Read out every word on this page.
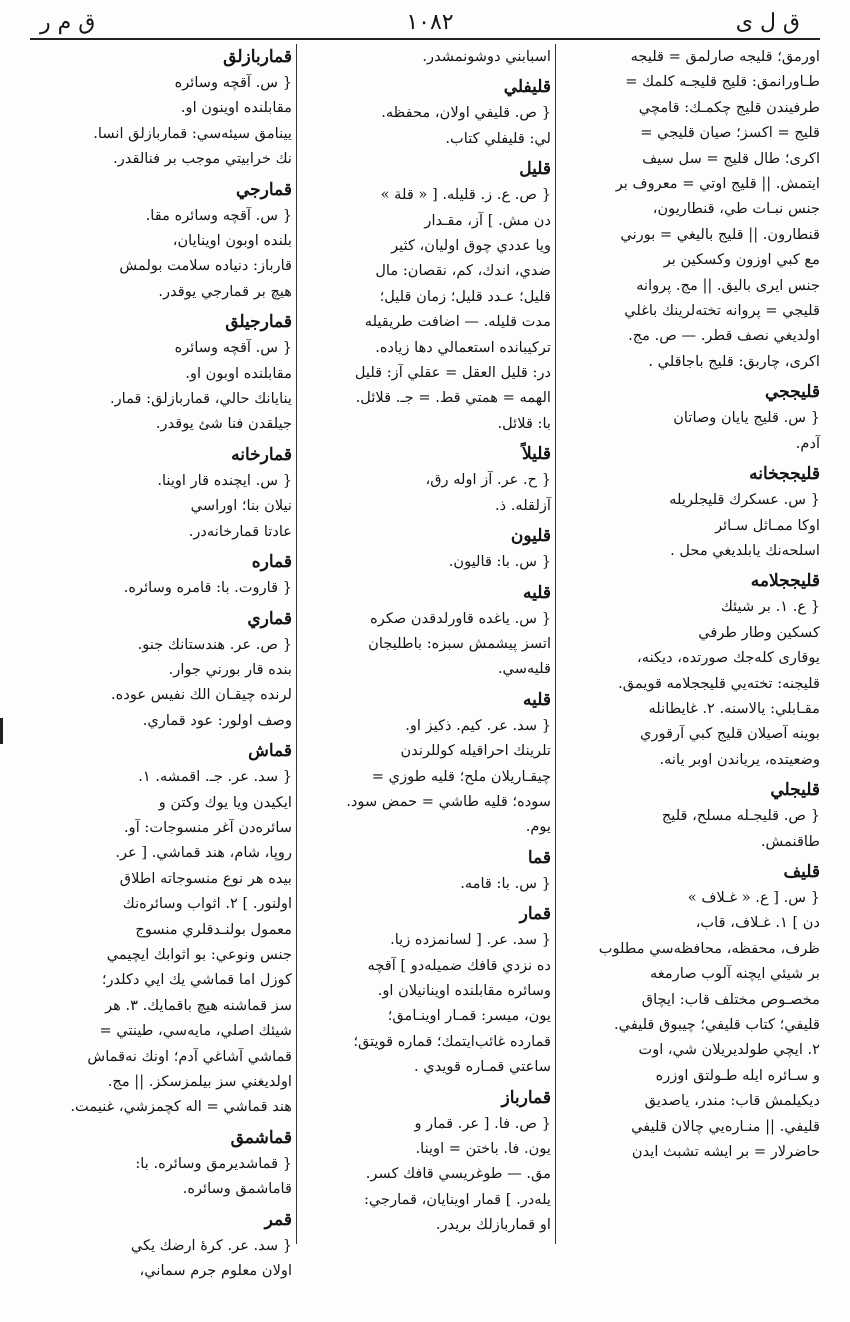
ق م ر	۱۰۸۲	ق ل ى
اورمق؛ قليجه صارلمق = قليجه
طـاورانمق: قليج قليجـه كلمك =
طرفيندن قليج چكمـك: قامچي
قليج = اكسز؛ صيان قليجي =
اكرى؛ طال قليج = سل سيف
ايتمش. || قليج اوتي = معروف بر
جنس نبـات طي، قنطاريون،
قنطارون. || قليج باليغي = بورني
مع كبي اوزون وكسكين بر
جنس ايرى باليق. || مج. پروانه
قليجي = پروانه تخته‌لرينك باغلي
اولديغي نصف قطر. — ص. مج.
اكرى، چاربق: قليج باجاقلي .
قليججي
{ س. قليج يايان وصاتان
آدم.
قليججخانه
{ س. عسكرك قليجلريله
اوكا ممـاثل سـائر
اسلحه‌نك يابلديغي محل .
قليججلامه
{ ع. ۱. بر شيئك
كسكين وطار طرفي
يوقارى كله‌جك صورتده، ديكنه،
قليجنه: تخته‌يي قليججلامه قويمق.
مقـابلي: يالاسنه. ۲. غايطانله
بوينه آصيلان قليج كبي آرقوري
وضعيتده، يرياندن اوبر يانه.
قليجلي
{ ص. قليجـله مسلح، قليج
طاقنمش.
قليف
{ س. [ ع. « غـلاف »
دن ] ۱. غـلاف، قاب،
ظرف، محفظه، محافظه‌سي مطلوب
بر شيئي ايچنه آلوب صارمغه
مخصـوص مختلف قاب: ايچاق
قليفي؛ كتاب قليفي؛ چيبوق قليفي.
۲. ايچي طولديريلان شي، اوت
و سـائره ايله طـولتق اوزره
ديكيلمش قاب: مندر، ياصديق
قليفي. || منـاره‌يي چالان قليفي
حاضرلار = بر ايشه تشبث ايدن
اسبابني دوشونمشدر.
قليفلي
{ ص. قليفي اولان، محفظه.
لي: قليفلي كتاب.
قليل
{ ص. ع. ز. قليله. [ « قلة »
دن مش. ] آز، مقـدار
ويا عددي چوق اوليان، كثير
ضدي، اندك، كم، نقصان: مال
قليل؛ عـدد قليل؛ زمان قليل؛
مدت قليله. — اضافت طريقيله
تركيبانده استعمالي دها زياده.
در: قليل العقل = عقلي آز: قليل
الهمه = همتي قط. = جـ. قلائل.
با: قلائل.
قليلاً
{ ح. عر. آز اوله رق،
آزلقله. ذ.
قليون
{ س. با: قاليون.
قليه
{ س. ياغده قاورلدقدن صكره
اتسز پيشمش سبزه: باطليجان
قليه‌سي.
قليه
{ سد. عر. كيم. ذكيز او.
تلرينك احراقيله كوللرندن
چيقـاريلان ملح؛ قليه طوزي =
سوده؛ قليه طاشي = حمض سود.
يوم.
قما
{ س. با: قامه.
قمار
{ سد. عر. [ لسانمزده زيا.
ده نزدي قافك ضميله‌دو ] آقچه
وسائره مقابلنده اوينانيلان او.
يون، ميسر: قمـار اوينـامق؛
قمارده غائب‌ايتمك؛ قماره قويتق؛
ساعتي قمـاره قويدي .
قمارباز
{ ص. فا. [ عر. قمار و
يون. فا. باختن = اوينا.
مق. — طوغريسي قافك كسر.
يله‌در. ] قمار اوينايان، قمارجي:
او قماربازلك بريدر.
قماربازلق
{ س. آقچه وسائره
مقابلنده اوينون او.
يينامق سيئه‌سي: قماربازلق انسا.
نك خرابيتي موجب بر فنالقدر.
قمارجي
{ س. آقچه وسائره مقا.
بلنده اوبون اوينايان،
قارباز: دنياده سلامت بولمش
هيچ بر قمارجي يوقدر.
قمارجيلق
{ س. آقچه وسائره
مقابلنده اوبون او.
ينايانك حالي، قماربازلق: قمار.
جيلقدن فنا شئ يوقدر.
قمارخانه
{ س. ايچنده قار اوينا.
نيلان بنا؛ اوراسي
عادتا قمارخانه‌در.
قماره
{ قاروت. با: قامره وسائره.
قماري
{ ص. عر. هندستانك جنو.
بنده قار بورني جوار.
لرنده چيقـان الك نفيس عوده.
وصف اولور: عود قماري.
قماش
{ سد. عر. جـ. اقمشه. ۱.
ايكيدن ويا يوك وكتن و
سائره‌دن آغر منسوجات: آو.
روپا، شام، هند قماشي. [ عر.
بيده هر نوع منسوجاته اطلاق
اولنور. ] ۲. اثواب وسائره‌نك
معمول بولنـدقلري منسوج
جنس ونوعي: بو اثوابك ايچيمي
كوزل اما قماشي يك ايي دكلدر؛
سز قماشنه هيچ باقمايك. ۳. هر
شيئك اصلي، مايه‌سي، طينتي =
قماشي آشاغي آدم؛ اونك نه‌قماش
اولديغني سز بيلمزسكز. || مج.
هند قماشي = اله كچمزشي، غنيمت.
قماشمق
{ قماشديرمق وسائره. با:
قاماشمق وسائره.
قمر
{ سد. عر. كرۀ ارضك يكي
اولان معلوم جرم سماني،
